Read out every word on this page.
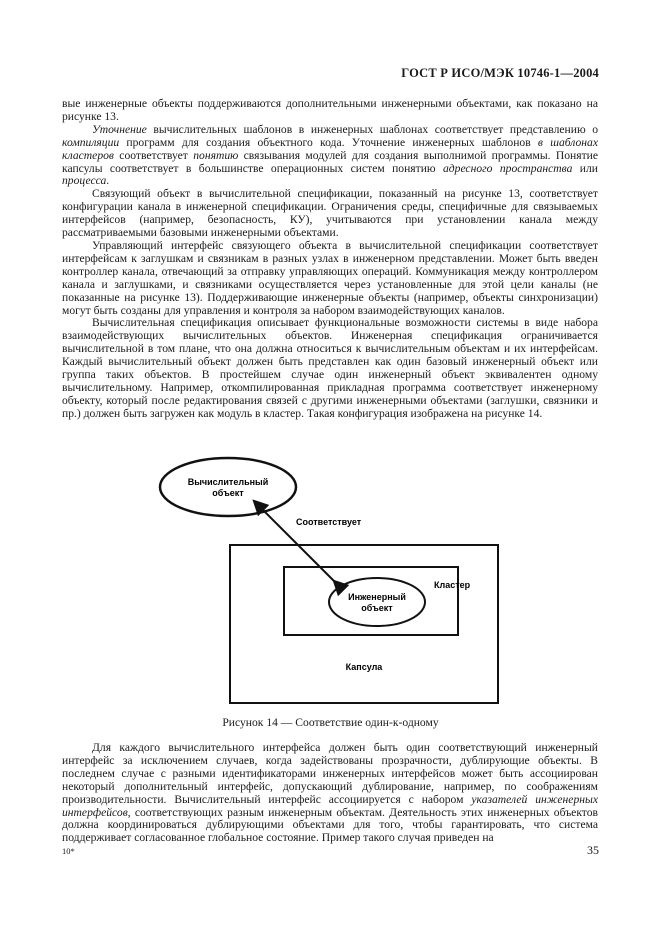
ГОСТ Р ИСО/МЭК 10746-1—2004

вые инженерные объекты поддерживаются дополнительными инженерными объектами, как показано на рисунке 13.

Уточнение вычислительных шаблонов в инженерных шаблонах соответствует представлению о компиляции программ для создания объектного кода. Уточнение инженерных шаблонов в шаблонах кластеров соответствует понятию связывания модулей для создания выполнимой программы. Понятие капсулы соответствует в большинстве операционных систем понятию адресного пространства или процесса.

Связующий объект в вычислительной спецификации, показанный на рисунке 13, соответствует конфигурации канала в инженерной спецификации. Ограничения среды, специфичные для связываемых интерфейсов (например, безопасность, КУ), учитываются при установлении канала между рассматриваемыми базовыми инженерными объектами.

Управляющий интерфейс связующего объекта в вычислительной спецификации соответствует интерфейсам к заглушкам и связникам в разных узлах в инженерном представлении. Может быть введен контроллер канала, отвечающий за отправку управляющих операций. Коммуникация между контроллером канала и заглушками, и связниками осуществляется через установленные для этой цели каналы (не показанные на рисунке 13). Поддерживающие инженерные объекты (например, объекты синхронизации) могут быть созданы для управления и контроля за набором взаимодействующих каналов.

Вычислительная спецификация описывает функциональные возможности системы в виде набора взаимодействующих вычислительных объектов. Инженерная спецификация ограничивается вычислительной в том плане, что она должна относиться к вычислительным объектам и их интерфейсам. Каждый вычислительный объект должен быть представлен как один базовый инженерный объект или группа таких объектов. В простейшем случае один инженерный объект эквивалентен одному вычислительному. Например, откомпилированная прикладная программа соответствует инженерному объекту, который после редактирования связей с другими инженерными объектами (заглушки, связники и пр.) должен быть загружен как модуль в кластер. Такая конфигурация изображена на рисунке 14.

Вычислительный
объект
Соответствует
Кластер
Инженерный
объект
Капсула
Рисунок 14 — Соответствие один-к-одному

Для каждого вычислительного интерфейса должен быть один соответствующий инженерный интерфейс за исключением случаев, когда задействованы прозрачности, дублирующие объекты. В последнем случае с разными идентификаторами инженерных интерфейсов может быть ассоциирован некоторый дополнительный интерфейс, допускающий дублирование, например, по соображениям производительности. Вычислительный интерфейс ассоциируется с набором указателей инженерных интерфейсов, соответствующих разным инженерным объектам. Деятельность этих инженерных объектов должна координироваться дублирующими объектами для того, чтобы гарантировать, что система поддерживает согласованное глобальное состояние. Пример такого случая приведен на

10*	35
